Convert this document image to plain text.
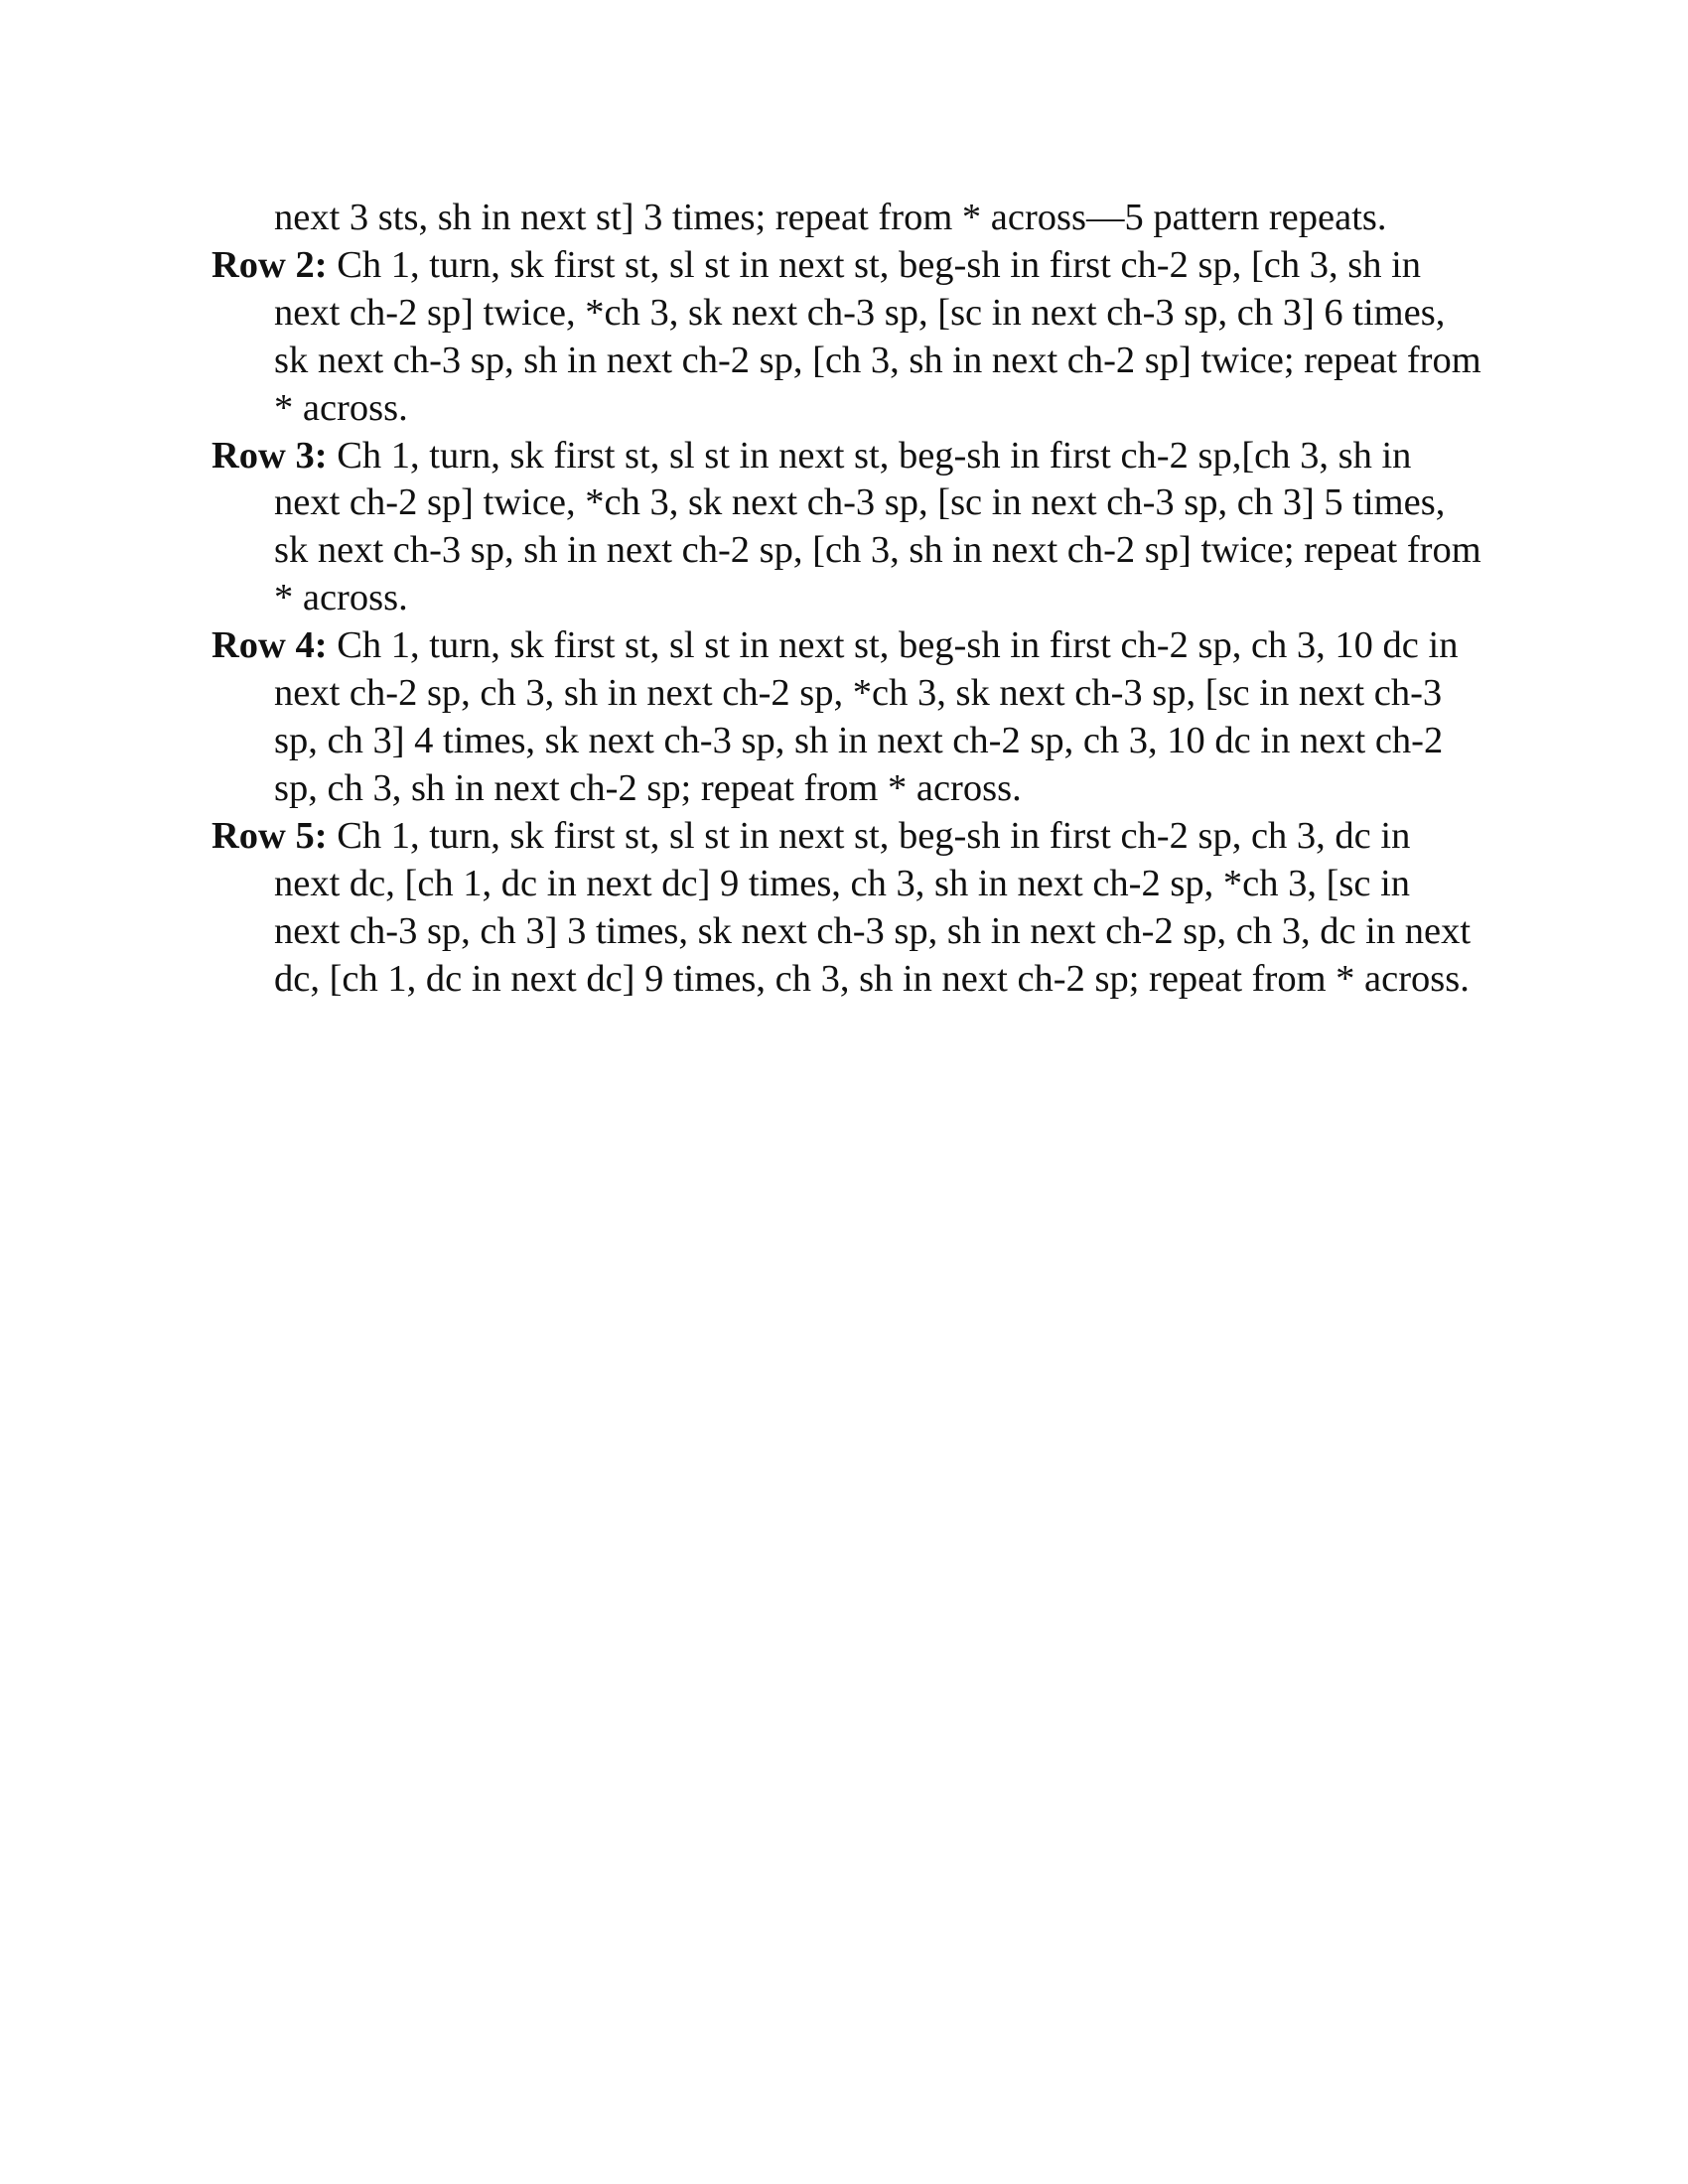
next 3 sts, sh in next st] 3 times; repeat from * across—5 pattern repeats.

Row 2: Ch 1, turn, sk first st, sl st in next st, beg-sh in first ch-2 sp, [ch 3, sh in next ch-2 sp] twice, *ch 3, sk next ch-3 sp, [sc in next ch-3 sp, ch 3] 6 times, sk next ch-3 sp, sh in next ch-2 sp, [ch 3, sh in next ch-2 sp] twice; repeat from * across.

Row 3: Ch 1, turn, sk first st, sl st in next st, beg-sh in first ch-2 sp,[ch 3, sh in next ch-2 sp] twice, *ch 3, sk next ch-3 sp, [sc in next ch-3 sp, ch 3] 5 times, sk next ch-3 sp, sh in next ch-2 sp, [ch 3, sh in next ch-2 sp] twice; repeat from * across.

Row 4: Ch 1, turn, sk first st, sl st in next st, beg-sh in first ch-2 sp, ch 3, 10 dc in next ch-2 sp, ch 3, sh in next ch-2 sp, *ch 3, sk next ch-3 sp, [sc in next ch-3 sp, ch 3] 4 times, sk next ch-3 sp, sh in next ch-2 sp, ch 3, 10 dc in next ch-2 sp, ch 3, sh in next ch-2 sp; repeat from * across.

Row 5: Ch 1, turn, sk first st, sl st in next st, beg-sh in first ch-2 sp, ch 3, dc in next dc, [ch 1, dc in next dc] 9 times, ch 3, sh in next ch-2 sp, *ch 3, [sc in next ch-3 sp, ch 3] 3 times, sk next ch-3 sp, sh in next ch-2 sp, ch 3, dc in next dc, [ch 1, dc in next dc] 9 times, ch 3, sh in next ch-2 sp; repeat from * across.
